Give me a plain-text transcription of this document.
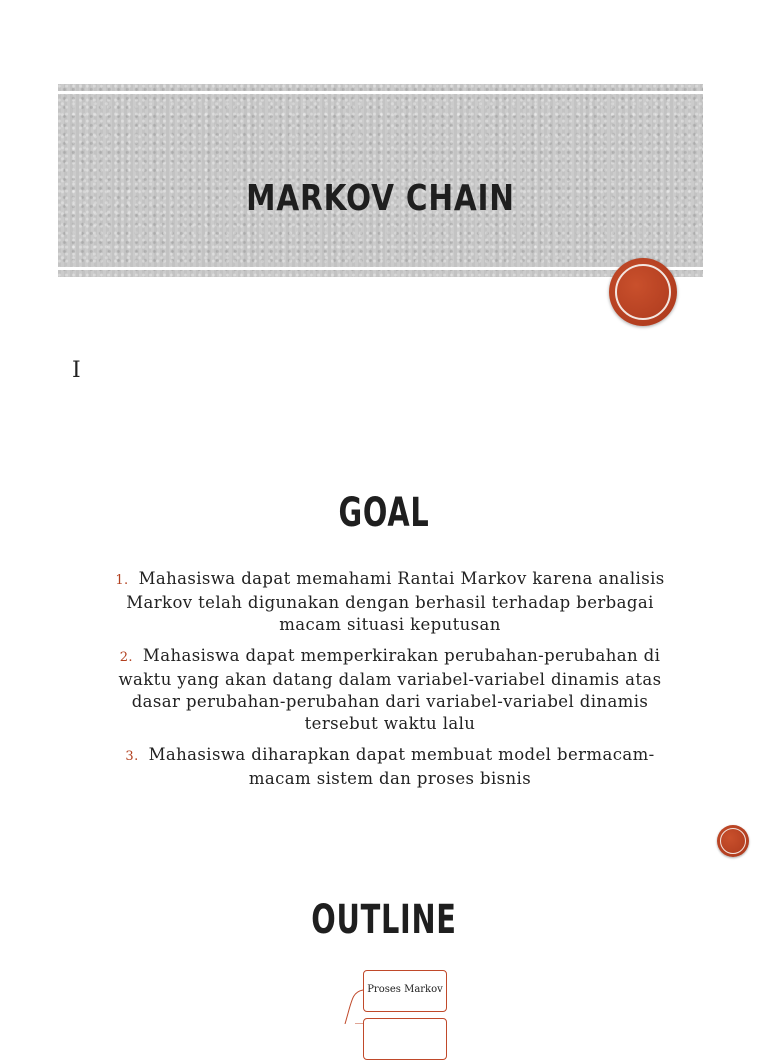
MARKOV CHAIN

I

GOAL
1. Mahasiswa dapat memahami Rantai Markov karena analisis Markov telah digunakan dengan berhasil terhadap berbagai macam situasi keputusan
2. Mahasiswa dapat memperkirakan perubahan-perubahan di waktu yang akan datang dalam variabel-variabel dinamis atas dasar perubahan-perubahan dari variabel-variabel dinamis tersebut waktu lalu
3. Mahasiswa diharapkan dapat membuat model bermacam-macam sistem dan proses bisnis
OUTLINE
Proses Markov
